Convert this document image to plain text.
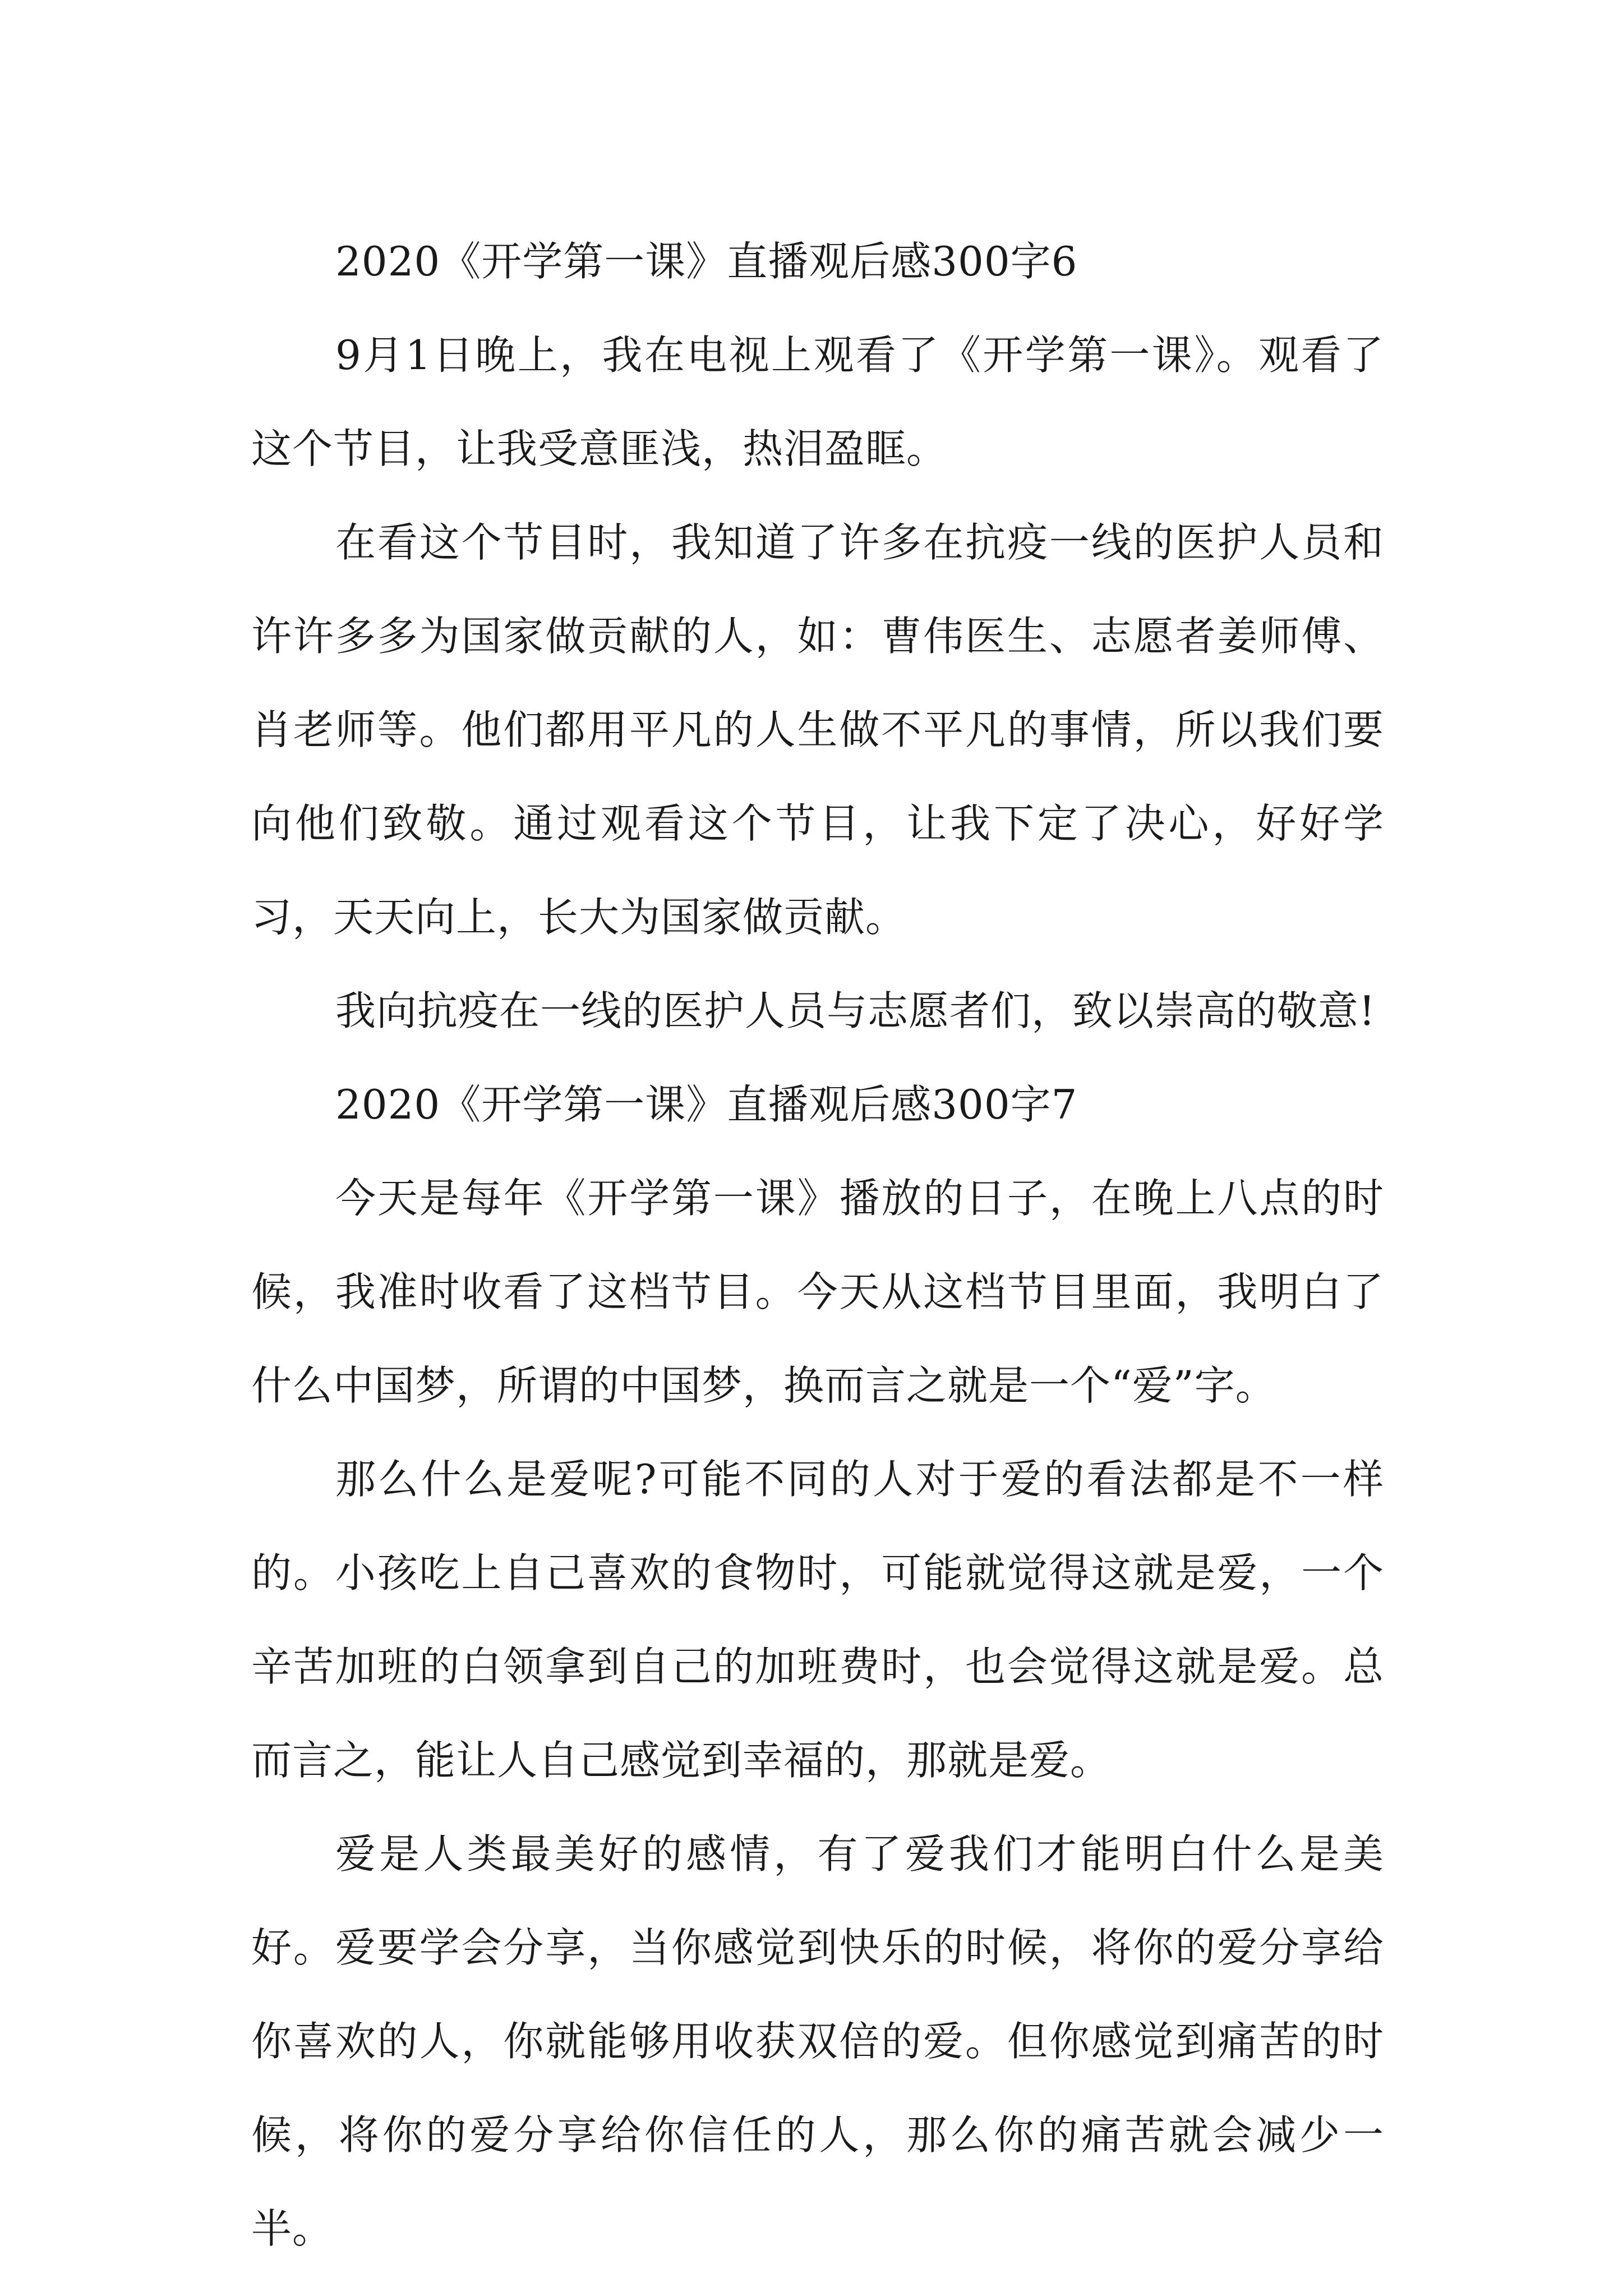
2020《开学第一课》直播观后感300字6

9月1日晚上，我在电视上观看了《开学第一课》。观看了这个节目，让我受意匪浅，热泪盈眶。

在看这个节目时，我知道了许多在抗疫一线的医护人员和许许多多为国家做贡献的人，如：曹伟医生、志愿者姜师傅、肖老师等。他们都用平凡的人生做不平凡的事情，所以我们要向他们致敬。通过观看这个节目，让我下定了决心，好好学习，天天向上，长大为国家做贡献。

我向抗疫在一线的医护人员与志愿者们，致以崇高的敬意!

2020《开学第一课》直播观后感300字7

今天是每年《开学第一课》播放的日子，在晚上八点的时候，我准时收看了这档节目。今天从这档节目里面，我明白了什么中国梦，所谓的中国梦，换而言之就是一个“爱”字。

那么什么是爱呢?可能不同的人对于爱的看法都是不一样的。小孩吃上自己喜欢的食物时，可能就觉得这就是爱，一个辛苦加班的白领拿到自己的加班费时，也会觉得这就是爱。总而言之，能让人自己感觉到幸福的，那就是爱。

爱是人类最美好的感情，有了爱我们才能明白什么是美好。爱要学会分享，当你感觉到快乐的时候，将你的爱分享给你喜欢的人，你就能够用收获双倍的爱。但你感觉到痛苦的时候，将你的爱分享给你信任的人，那么你的痛苦就会减少一半。
